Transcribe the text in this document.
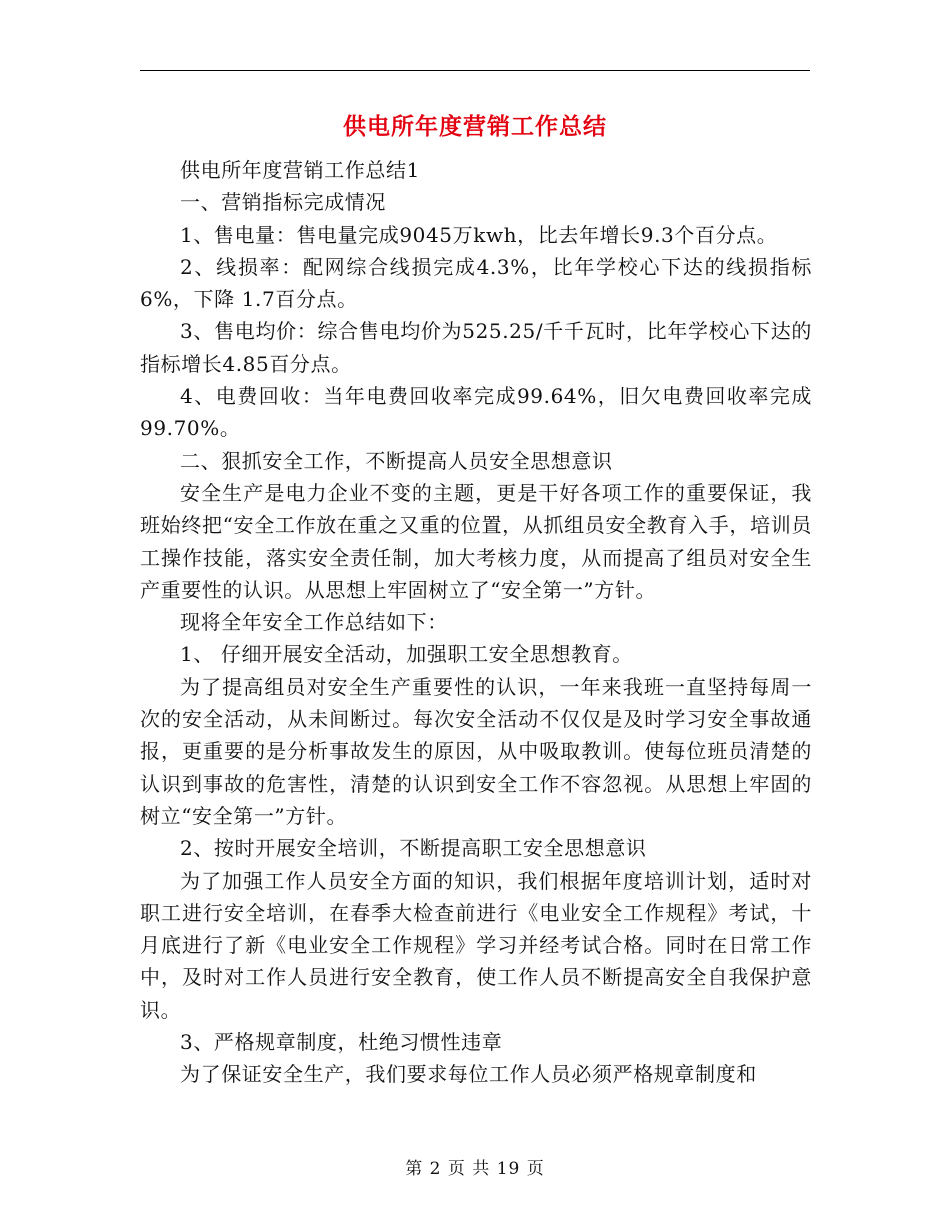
供电所年度营销工作总结

供电所年度营销工作总结1

一、营销指标完成情况

1、售电量：售电量完成9045万kwh，比去年增长9.3个百分点。

2、线损率：配网综合线损完成4.3%，比年学校心下达的线损指标6%，下降 1.7百分点。

3、售电均价：综合售电均价为525.25/千千瓦时，比年学校心下达的指标增长4.85百分点。

4、电费回收：当年电费回收率完成99.64%，旧欠电费回收率完成99.70%。

二、狠抓安全工作，不断提高人员安全思想意识

安全生产是电力企业不变的主题，更是干好各项工作的重要保证，我班始终把“安全工作放在重之又重的位置，从抓组员安全教育入手，培训员工操作技能，落实安全责任制，加大考核力度，从而提高了组员对安全生产重要性的认识。从思想上牢固树立了“安全第一”方针。

现将全年安全工作总结如下：

1、 仔细开展安全活动，加强职工安全思想教育。

为了提高组员对安全生产重要性的认识，一年来我班一直坚持每周一次的安全活动，从未间断过。每次安全活动不仅仅是及时学习安全事故通报，更重要的是分析事故发生的原因，从中吸取教训。使每位班员清楚的认识到事故的危害性，清楚的认识到安全工作不容忽视。从思想上牢固的树立“安全第一”方针。

2、按时开展安全培训，不断提高职工安全思想意识

为了加强工作人员安全方面的知识，我们根据年度培训计划，适时对职工进行安全培训，在春季大检查前进行《电业安全工作规程》考试，十月底进行了新《电业安全工作规程》学习并经考试合格。同时在日常工作中，及时对工作人员进行安全教育，使工作人员不断提高安全自我保护意识。

3、严格规章制度，杜绝习惯性违章

为了保证安全生产，我们要求每位工作人员必须严格规章制度和

第 2 页 共 19 页
